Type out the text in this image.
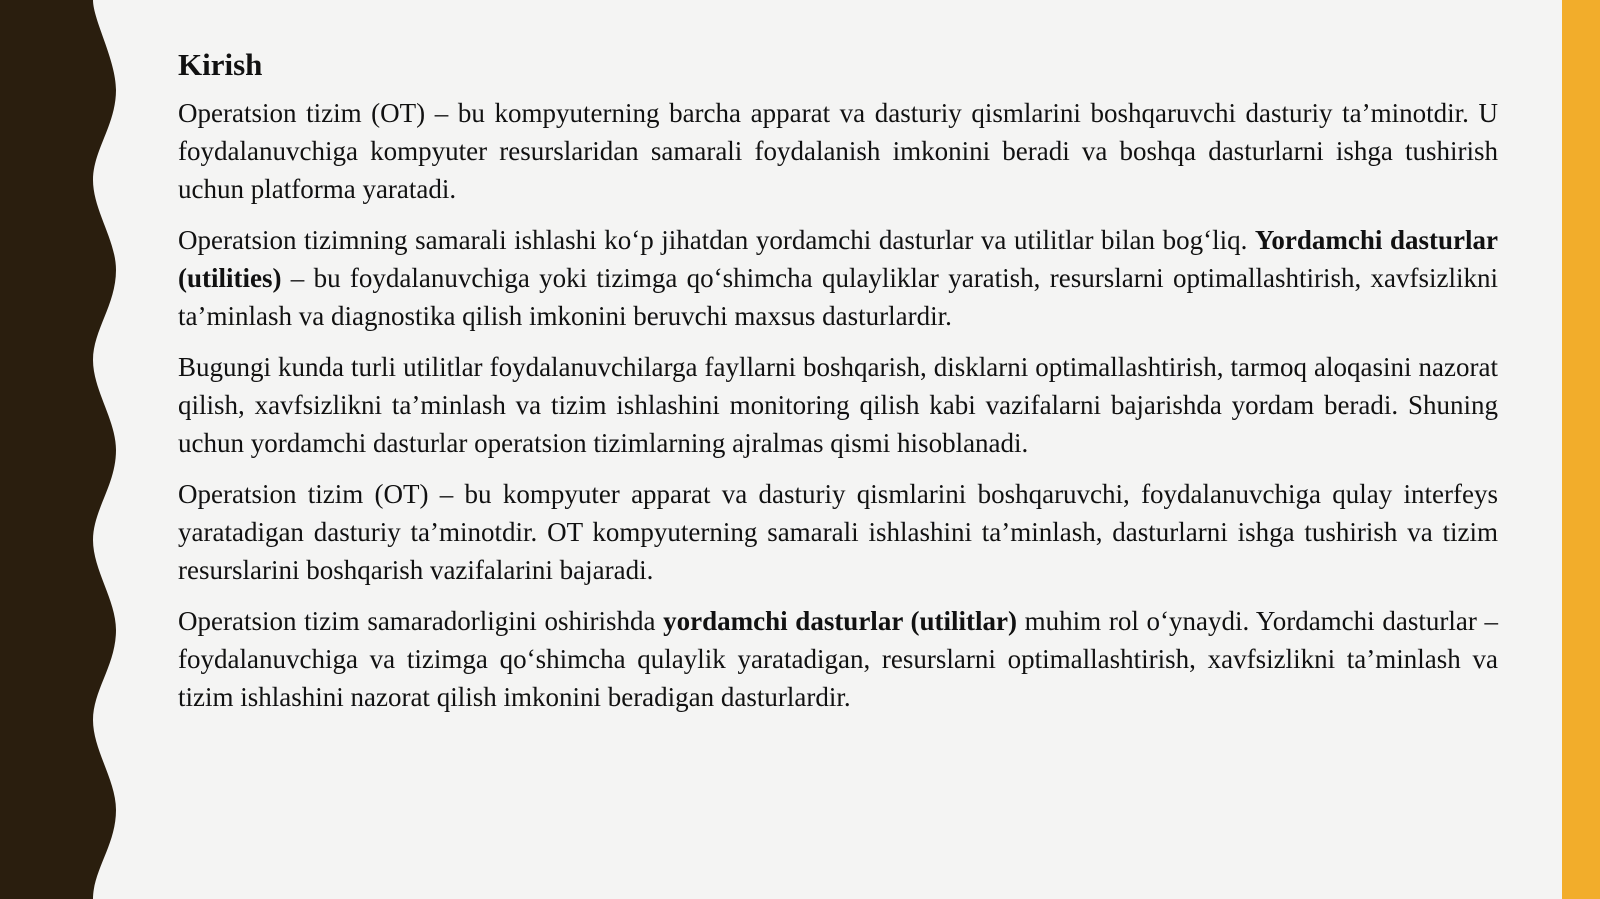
Kirish

Operatsion tizim (OT) – bu kompyuterning barcha apparat va dasturiy qismlarini boshqaruvchi dasturiy ta’minotdir. U foydalanuvchiga kompyuter resurslaridan samarali foydalanish imkonini beradi va boshqa dasturlarni ishga tushirish uchun platforma yaratadi.

Operatsion tizimning samarali ishlashi ko‘p jihatdan yordamchi dasturlar va utilitlar bilan bog‘liq. Yordamchi dasturlar (utilities) – bu foydalanuvchiga yoki tizimga qo‘shimcha qulayliklar yaratish, resurslarni optimallashtirish, xavfsizlikni ta’minlash va diagnostika qilish imkonini beruvchi maxsus dasturlardir.

Bugungi kunda turli utilitlar foydalanuvchilarga fayllarni boshqarish, disklarni optimallashtirish, tarmoq aloqasini nazorat qilish, xavfsizlikni ta’minlash va tizim ishlashini monitoring qilish kabi vazifalarni bajarishda yordam beradi. Shuning uchun yordamchi dasturlar operatsion tizimlarning ajralmas qismi hisoblanadi.

Operatsion tizim (OT) – bu kompyuter apparat va dasturiy qismlarini boshqaruvchi, foydalanuvchiga qulay interfeys yaratadigan dasturiy ta’minotdir. OT kompyuterning samarali ishlashini ta’minlash, dasturlarni ishga tushirish va tizim resurslarini boshqarish vazifalarini bajaradi.

Operatsion tizim samaradorligini oshirishda yordamchi dasturlar (utilitlar) muhim rol o‘ynaydi. Yordamchi dasturlar – foydalanuvchiga va tizimga qo‘shimcha qulaylik yaratadigan, resurslarni optimallashtirish, xavfsizlikni ta’minlash va tizim ishlashini nazorat qilish imkonini beradigan dasturlardir.
